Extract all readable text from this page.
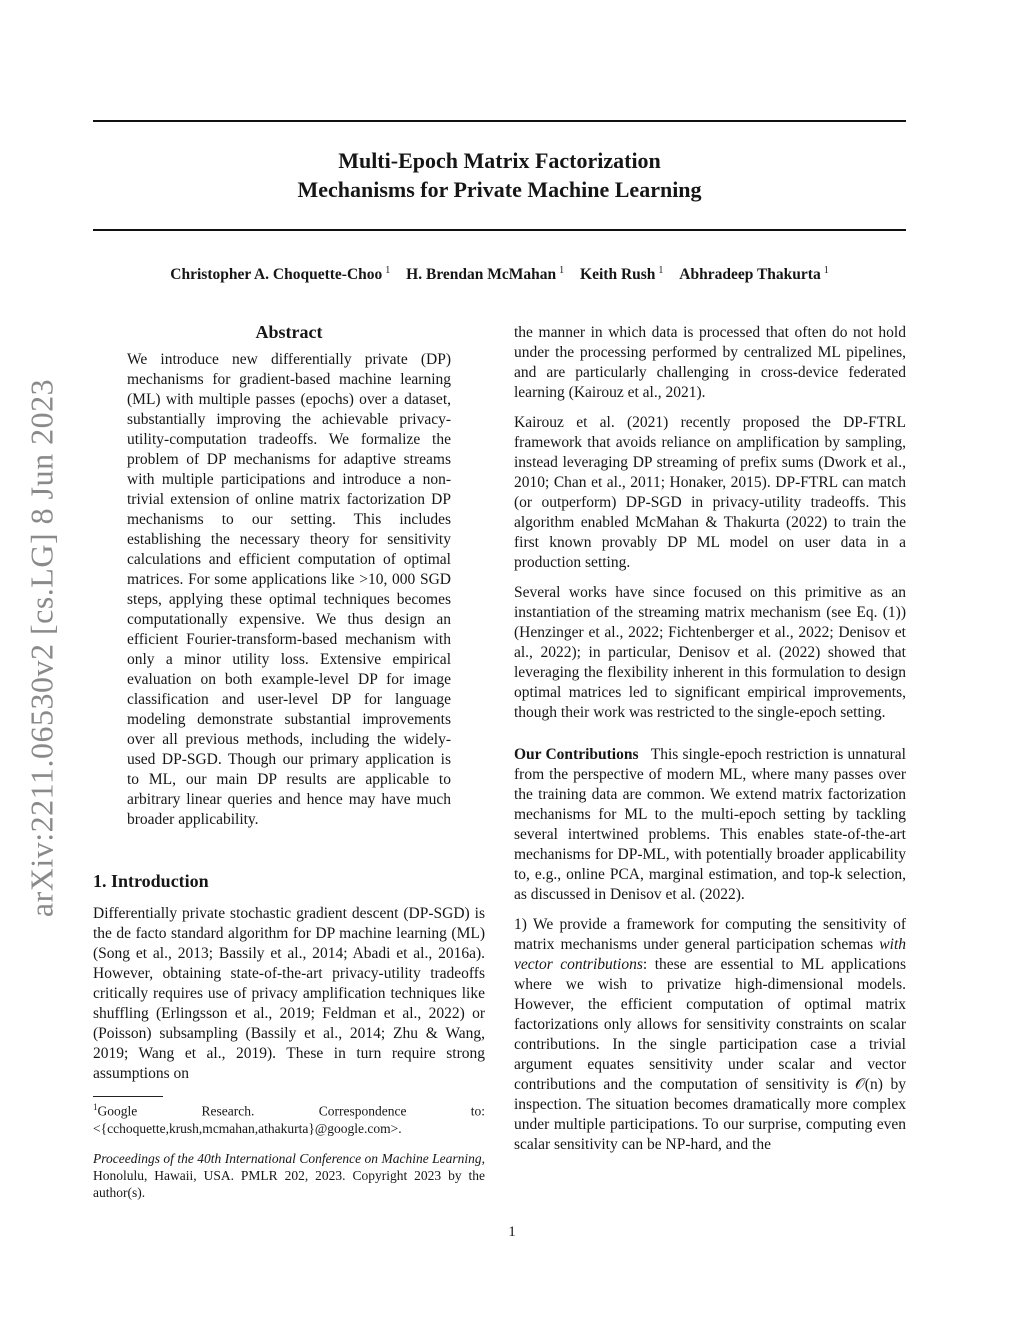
Multi-Epoch Matrix Factorization
Mechanisms for Private Machine Learning
Christopher A. Choquette-Choo $^1$ H. Brendan McMahan $^1$ Keith Rush $^1$ Abhradeep Thakurta $^1$
arXiv:2211.06530v2 [cs.LG] 8 Jun 2023
Abstract
We introduce new differentially private (DP) mechanisms for gradient-based machine learning (ML) with multiple passes (epochs) over a dataset, substantially improving the achievable privacy-utility-computation tradeoffs. We formalize the problem of DP mechanisms for adaptive streams with multiple participations and introduce a non-trivial extension of online matrix factorization DP mechanisms to our setting. This includes establishing the necessary theory for sensitivity calculations and efficient computation of optimal matrices. For some applications like >10, 000 SGD steps, applying these optimal techniques becomes computationally expensive. We thus design an efficient Fourier-transform-based mechanism with only a minor utility loss. Extensive empirical evaluation on both example-level DP for image classification and user-level DP for language modeling demonstrate substantial improvements over all previous methods, including the widely-used DP-SGD. Though our primary application is to ML, our main DP results are applicable to arbitrary linear queries and hence may have much broader applicability.
1. Introduction
Differentially private stochastic gradient descent (DP-SGD) is the de facto standard algorithm for DP machine learning (ML) (Song et al., 2013; Bassily et al., 2014; Abadi et al., 2016a). However, obtaining state-of-the-art privacy-utility tradeoffs critically requires use of privacy amplification techniques like shuffling (Erlingsson et al., 2019; Feldman et al., 2022) or (Poisson) subsampling (Bassily et al., 2014; Zhu & Wang, 2019; Wang et al., 2019). These in turn require strong assumptions on
$^1$Google Research. Correspondence to: <{cchoquette,krush,mcmahan,athakurta}@google.com>.
Proceedings of the 40th International Conference on Machine Learning, Honolulu, Hawaii, USA. PMLR 202, 2023. Copyright 2023 by the author(s).

the manner in which data is processed that often do not hold under the processing performed by centralized ML pipelines, and are particularly challenging in cross-device federated learning (Kairouz et al., 2021).

Kairouz et al. (2021) recently proposed the DP-FTRL framework that avoids reliance on amplification by sampling, instead leveraging DP streaming of prefix sums (Dwork et al., 2010; Chan et al., 2011; Honaker, 2015). DP-FTRL can match (or outperform) DP-SGD in privacy-utility tradeoffs. This algorithm enabled McMahan & Thakurta (2022) to train the first known provably DP ML model on user data in a production setting.

Several works have since focused on this primitive as an instantiation of the streaming matrix mechanism (see Eq. (1)) (Henzinger et al., 2022; Fichtenberger et al., 2022; Denisov et al., 2022); in particular, Denisov et al. (2022) showed that leveraging the flexibility inherent in this formulation to design optimal matrices led to significant empirical improvements, though their work was restricted to the single-epoch setting.

Our Contributions This single-epoch restriction is unnatural from the perspective of modern ML, where many passes over the training data are common. We extend matrix factorization mechanisms for ML to the multi-epoch setting by tackling several intertwined problems. This enables state-of-the-art mechanisms for DP-ML, with potentially broader applicability to, e.g., online PCA, marginal estimation, and top-k selection, as discussed in Denisov et al. (2022).

1) We provide a framework for computing the sensitivity of matrix mechanisms under general participation schemas with vector contributions: these are essential to ML applications where we wish to privatize high-dimensional models. However, the efficient computation of optimal matrix factorizations only allows for sensitivity constraints on scalar contributions. In the single participation case a trivial argument equates sensitivity under scalar and vector contributions and the computation of sensitivity is 𝒪(n) by inspection. The situation becomes dramatically more complex under multiple participations. To our surprise, computing even scalar sensitivity can be NP-hard, and the

1
